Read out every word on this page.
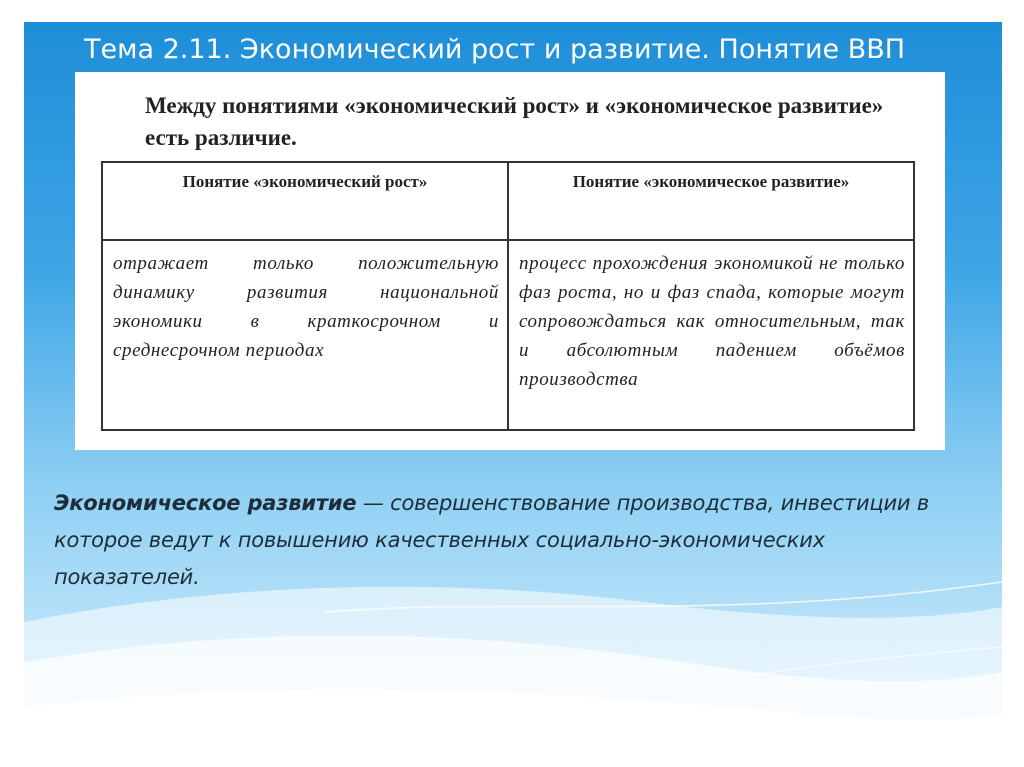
Тема 2.11. Экономический рост и развитие. Понятие ВВП
Между понятиями «экономический рост» и «экономическое развитие» есть различие.
Понятие «экономический рост»	Понятие «экономическое развитие»
отражает только положительную динамику развития национальной экономики в краткосрочном и среднесрочном периодах	процесс прохождения экономикой не только фаз роста, но и фаз спада, которые могут сопровождаться как относительным, так и абсолютным падением объёмов производства
Экономическое развитие — совершенствование производства, инвестиции в которое ведут к повышению качественных социально-экономических показателей.
